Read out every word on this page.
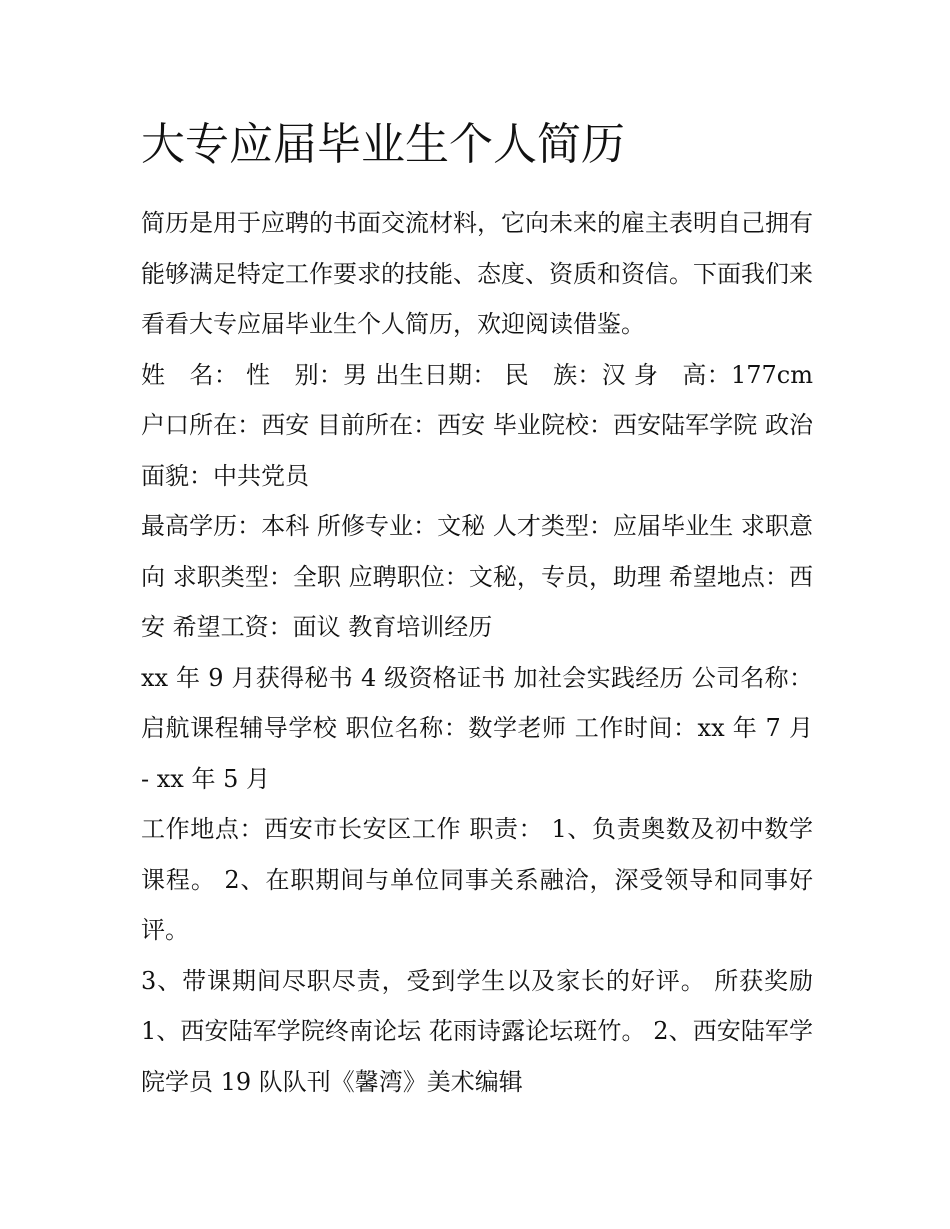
大专应届毕业生个人简历

简历是用于应聘的书面交流材料，它向未来的雇主表明自己拥有能够满足特定工作要求的技能、态度、资质和资信。下面我们来看看大专应届毕业生个人简历，欢迎阅读借鉴。

姓　名： 性　别：男 出生日期： 民　族：汉 身　高：177cm 户口所在：西安 目前所在：西安 毕业院校：西安陆军学院 政治面貌：中共党员

最高学历：本科 所修专业：文秘 人才类型：应届毕业生 求职意向 求职类型：全职 应聘职位：文秘，专员，助理 希望地点：西安 希望工资：面议 教育培训经历

xx 年 9 月获得秘书 4 级资格证书 加社会实践经历 公司名称：启航课程辅导学校 职位名称：数学老师 工作时间：xx 年 7 月 - xx 年 5 月

工作地点：西安市长安区工作 职责： 1、负责奥数及初中数学课程。 2、在职期间与单位同事关系融洽，深受领导和同事好评。

3、带课期间尽职尽责，受到学生以及家长的好评。 所获奖励 1、西安陆军学院终南论坛 花雨诗露论坛斑竹。 2、西安陆军学院学员 19 队队刊《馨湾》美术编辑
